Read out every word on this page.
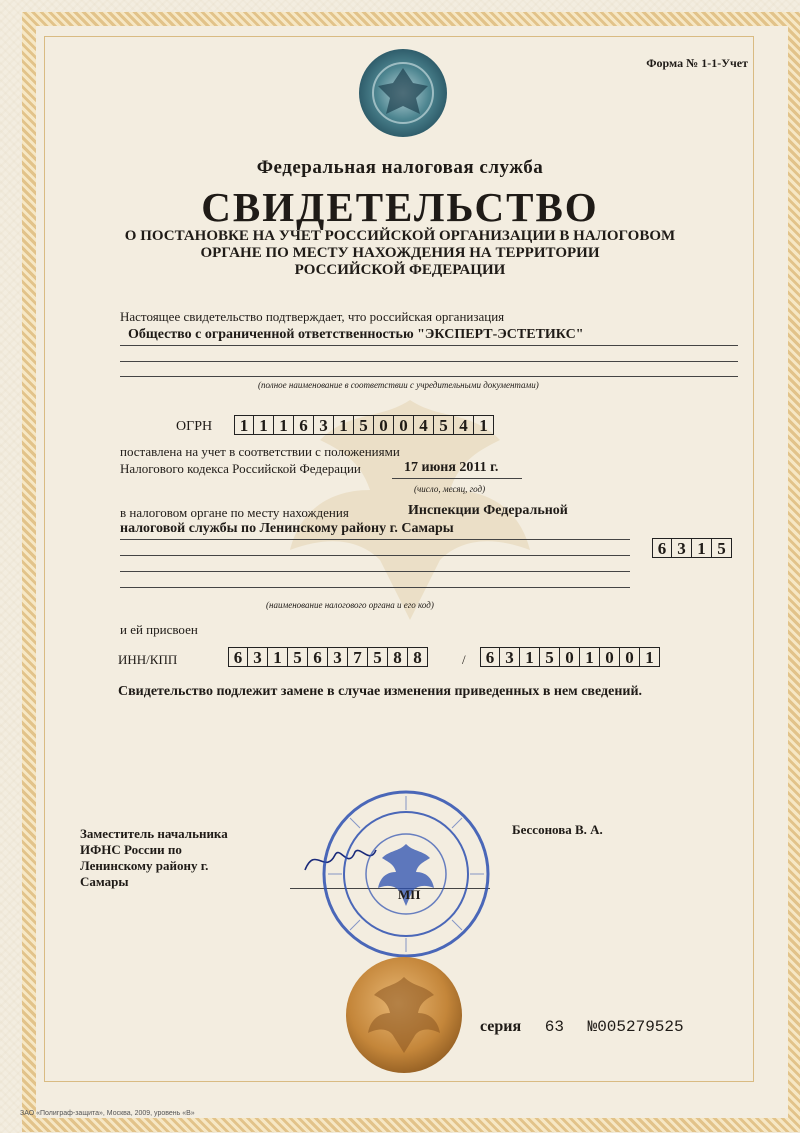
Форма № 1-1-Учет
Федеральная налоговая служба
СВИДЕТЕЛЬСТВО
О ПОСТАНОВКЕ НА УЧЕТ РОССИЙСКОЙ ОРГАНИЗАЦИИ В НАЛОГОВОМ
ОРГАНЕ ПО МЕСТУ НАХОЖДЕНИЯ НА ТЕРРИТОРИИ
РОССИЙСКОЙ ФЕДЕРАЦИИ
Настоящее свидетельство подтверждает, что российская организация
Общество с ограниченной ответственностью "ЭКСПЕРТ-ЭСТЕТИКС"
(полное наименование в соответствии с учредительными документами)
ОГРН	1 1 1 6 3 1 5 0 0 4 5 4 1
поставлена на учет в соответствии с положениями
Налогового кодекса Российской Федерации	17 июня 2011 г.
(число, месяц, год)
в налоговом органе по месту нахождения	Инспекции Федеральной
налоговой службы по Ленинскому району г. Самары
6 3 1 5
(наименование налогового органа и его код)
и ей присвоен
ИНН/КПП	6 3 1 5 6 3 7 5 8 8	/	6 3 1 5 0 1 0 0 1
Свидетельство подлежит замене в случае изменения приведенных в нем сведений.
Заместитель начальника
ИФНС России по
Ленинскому району г.
Самары
Бессонова В. А.
МП
серия 63 №005279525
ЗАО «Полиграф-защита», Москва, 2009, уровень «В»
